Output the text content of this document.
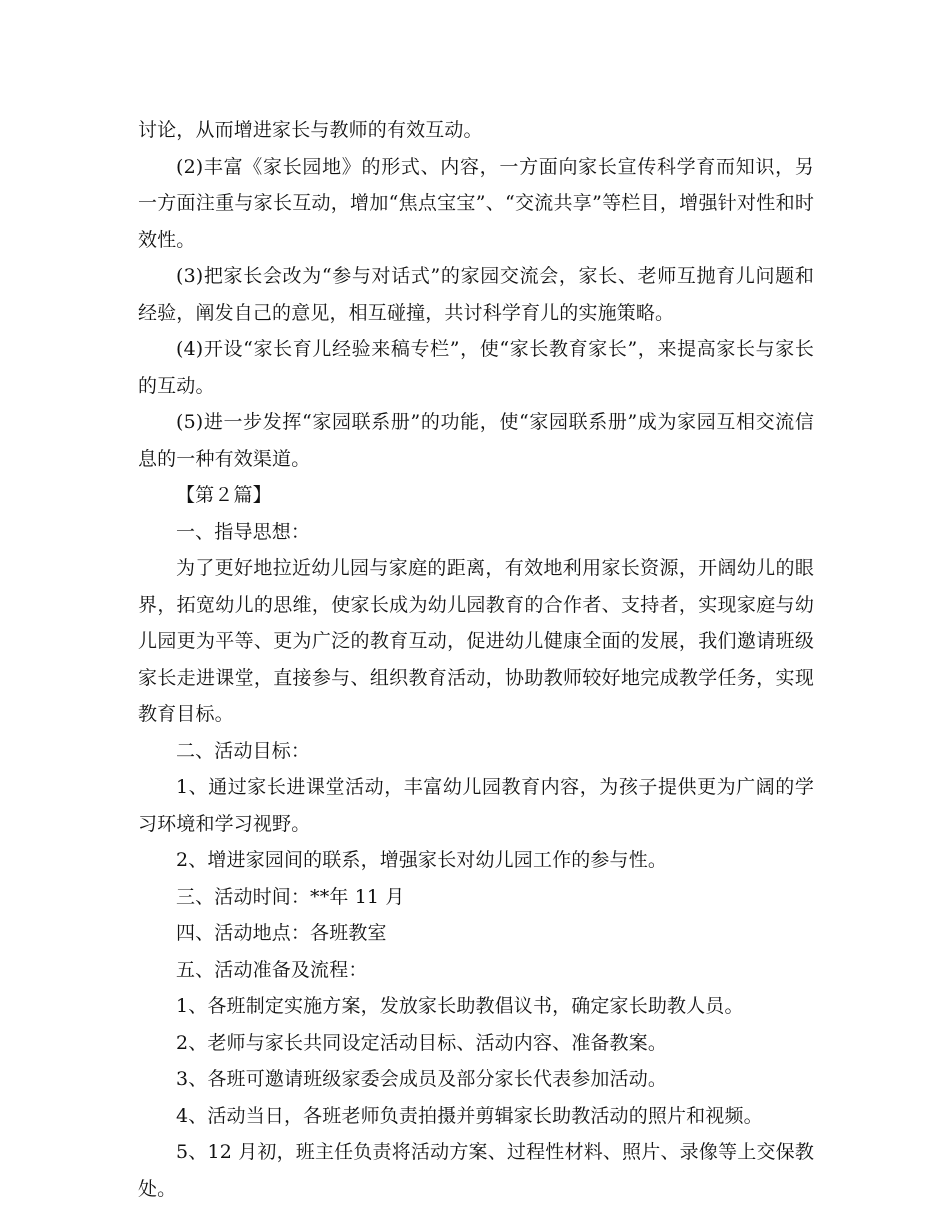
讨论，从而增进家长与教师的有效互动。

(2)丰富《家长园地》的形式、内容，一方面向家长宣传科学育而知识，另一方面注重与家长互动，增加“焦点宝宝”、“交流共享”等栏目，增强针对性和时效性。

(3)把家长会改为“参与对话式”的家园交流会，家长、老师互抛育儿问题和经验，阐发自己的意见，相互碰撞，共讨科学育儿的实施策略。

(4)开设“家长育儿经验来稿专栏”，使“家长教育家长”，来提高家长与家长的互动。

(5)进一步发挥“家园联系册”的功能，使“家园联系册”成为家园互相交流信息的一种有效渠道。

【第２篇】

一、指导思想：

为了更好地拉近幼儿园与家庭的距离，有效地利用家长资源，开阔幼儿的眼界，拓宽幼儿的思维，使家长成为幼儿园教育的合作者、支持者，实现家庭与幼儿园更为平等、更为广泛的教育互动，促进幼儿健康全面的发展，我们邀请班级家长走进课堂，直接参与、组织教育活动，协助教师较好地完成教学任务，实现教育目标。

二、活动目标：

1、通过家长进课堂活动，丰富幼儿园教育内容，为孩子提供更为广阔的学习环境和学习视野。

2、增进家园间的联系，增强家长对幼儿园工作的参与性。

三、活动时间：**年 11 月

四、活动地点：各班教室

五、活动准备及流程：

1、各班制定实施方案，发放家长助教倡议书，确定家长助教人员。

2、老师与家长共同设定活动目标、活动内容、准备教案。

3、各班可邀请班级家委会成员及部分家长代表参加活动。

4、活动当日，各班老师负责拍摄并剪辑家长助教活动的照片和视频。

5、12 月初，班主任负责将活动方案、过程性材料、照片、录像等上交保教处。
